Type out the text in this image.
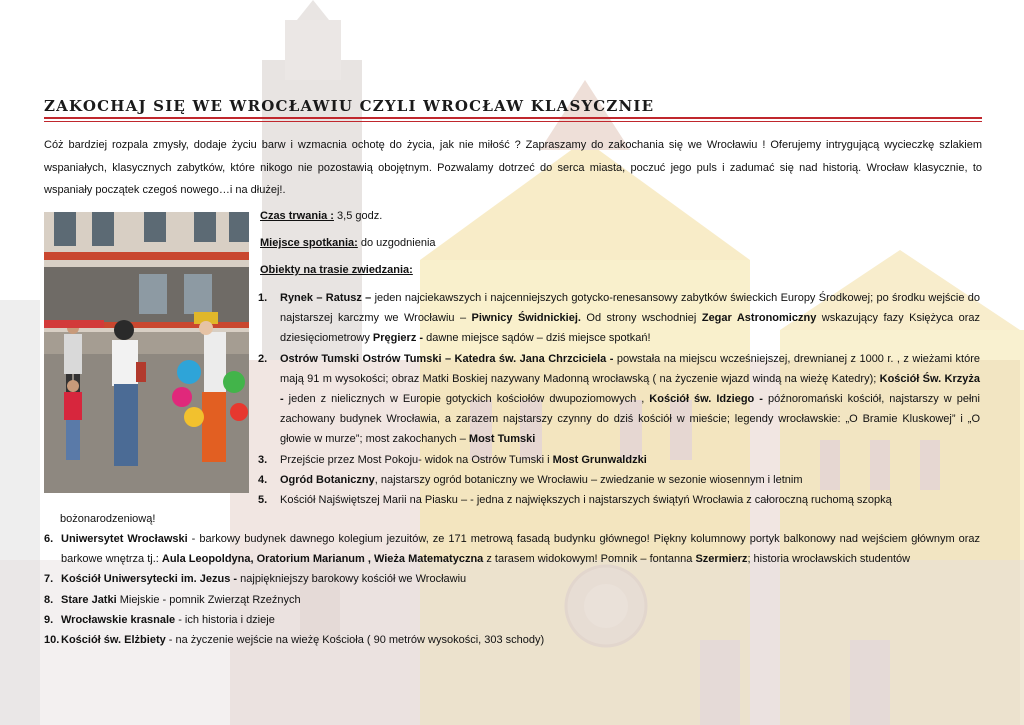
ZAKOCHAJ SIĘ WE WROCŁAWIU CZYLI WROCŁAW KLASYCZNIE
Cóż bardziej rozpala zmysły, dodaje życiu barw i wzmacnia ochotę do życia, jak nie miłość ? Zapraszamy do zakochania się we Wrocławiu ! Oferujemy intrygującą wycieczkę szlakiem wspaniałych, klasycznych zabytków, które nikogo nie pozostawią obojętnym. Pozwalamy dotrzeć do serca miasta, poczuć jego puls i zadumać się nad historią. Wrocław klasycznie, to wspaniały początek czegoś nowego…i na dłużej!.
Czas trwania : 3,5 godz.
Miejsce spotkania: do uzgodnienia
Obiekty na trasie zwiedzania:
1. Rynek – Ratusz – jeden najciekawszych i najcenniejszych gotycko-renesansowy zabytków świeckich Europy Środkowej; po środku wejście do najstarszej karczmy we Wrocławiu – Piwnicy Świdnickiej. Od strony wschodniej Zegar Astronomiczny wskazujący fazy Księżyca oraz dziesięciometrowy Pręgierz - dawne miejsce sądów – dziś miejsce spotkań!
2. Ostrów Tumski Ostrów Tumski – Katedra św. Jana Chrzciciela - powstała na miejscu wcześniejszej, drewnianej z 1000 r. , z wieżami które mają 91 m wysokości; obraz Matki Boskiej nazywany Madonną wrocławską ( na życzenie wjazd windą na wieżę Katedry); Kościół Św. Krzyża - jeden z nielicznych w Europie gotyckich kościołów dwupoziomowych , Kościół św. Idziego - późnoromański kościół, najstarszy w pełni zachowany budynek Wrocławia, a zarazem najstarszy czynny do dziś kościół w mieście; legendy wrocławskie: „O Bramie Kluskowej” i „O głowie w murze”; most zakochanych – Most Tumski
3. Przejście przez Most Pokoju- widok na Ostrów Tumski i Most Grunwaldzki
4. Ogród Botaniczny, najstarszy ogród botaniczny we Wrocławiu – zwiedzanie w sezonie wiosennym i letnim
5. Kościół Najświętszej Marii na Piasku – - jedna z największych i najstarszych świątyń Wrocławia z całoroczną ruchomą szopką
bożonarodzeniową!
6. Uniwersytet Wrocławski - barkowy budynek dawnego kolegium jezuitów, ze 171 metrową fasadą budynku głównego! Piękny kolumnowy portyk balkonowy nad wejściem głównym oraz barkowe wnętrza tj.: Aula Leopoldyna, Oratorium Marianum , Wieża Matematyczna z tarasem widokowym! Pomnik – fontanna Szermierz; historia wrocławskich studentów
7. Kościół Uniwersytecki im. Jezus - najpiękniejszy barokowy kościół we Wrocławiu
8. Stare Jatki Miejskie - pomnik Zwierząt Rzeźnych
9. Wrocławskie krasnale - ich historia i dzieje
10. Kościół św. Elżbiety - na życzenie wejście na wieżę Kościoła ( 90 metrów wysokości, 303 schody)
